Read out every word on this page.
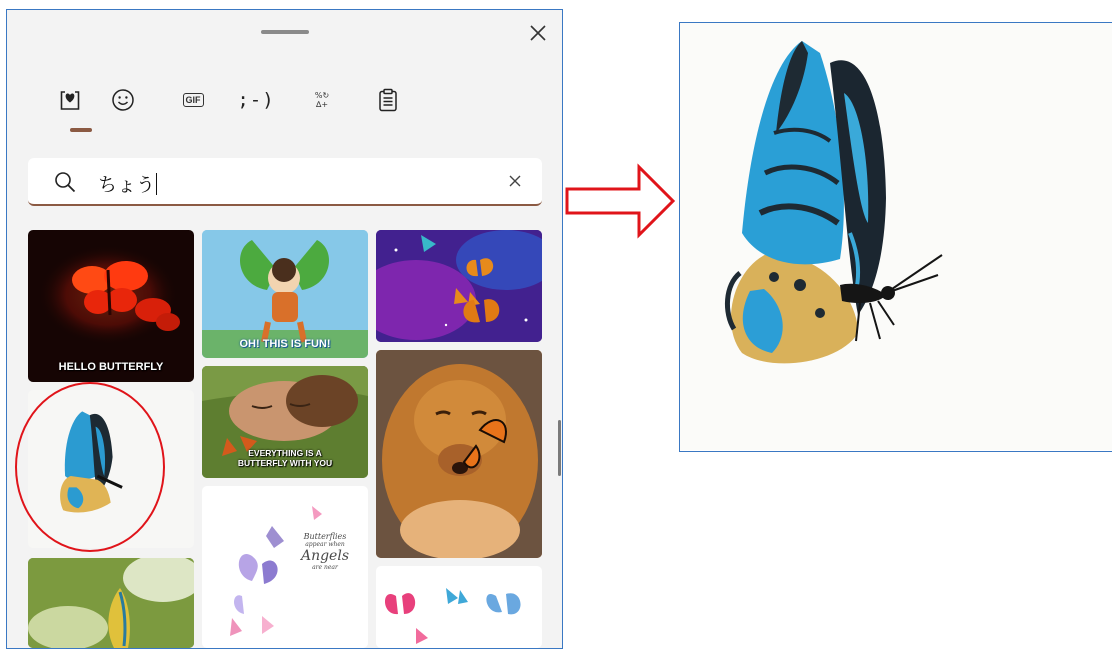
GIF ;-)	%↻
∆+
ちょう
HELLO BUTTERFLY
OH! THIS IS FUN!
EVERYTHING IS A
BUTTERFLY WITH YOU
Butterflies
appear when
Angels
are near
